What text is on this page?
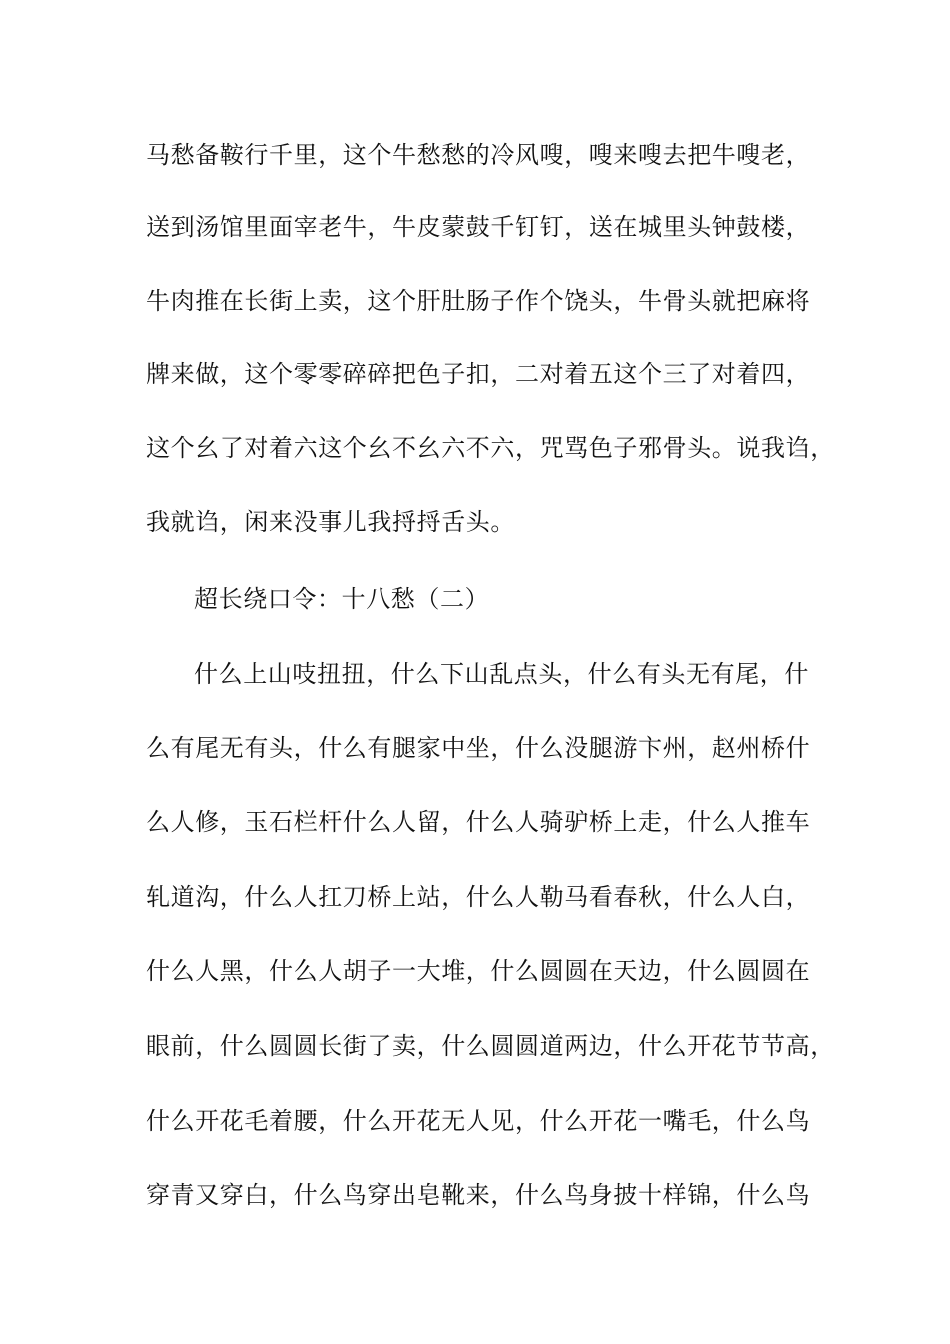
马愁备鞍行千里，这个牛愁愁的冷风嗖，嗖来嗖去把牛嗖老，
送到汤馆里面宰老牛，牛皮蒙鼓千钉钉，送在城里头钟鼓楼，
牛肉推在长街上卖，这个肝肚肠子作个饶头，牛骨头就把麻将
牌来做，这个零零碎碎把色子扣，二对着五这个三了对着四，
这个幺了对着六这个幺不幺六不六，咒骂色子邪骨头。说我诌，
我就诌，闲来没事儿我捋捋舌头。
超长绕口令：十八愁（二）
什么上山吱扭扭，什么下山乱点头，什么有头无有尾，什
么有尾无有头，什么有腿家中坐，什么没腿游卞州，赵州桥什
么人修，玉石栏杆什么人留，什么人骑驴桥上走，什么人推车
轧道沟，什么人扛刀桥上站，什么人勒马看春秋，什么人白，
什么人黑，什么人胡子一大堆，什么圆圆在天边，什么圆圆在
眼前，什么圆圆长街了卖，什么圆圆道两边，什么开花节节高，
什么开花毛着腰，什么开花无人见，什么开花一嘴毛，什么鸟
穿青又穿白，什么鸟穿出皂靴来，什么鸟身披十样锦，什么鸟
